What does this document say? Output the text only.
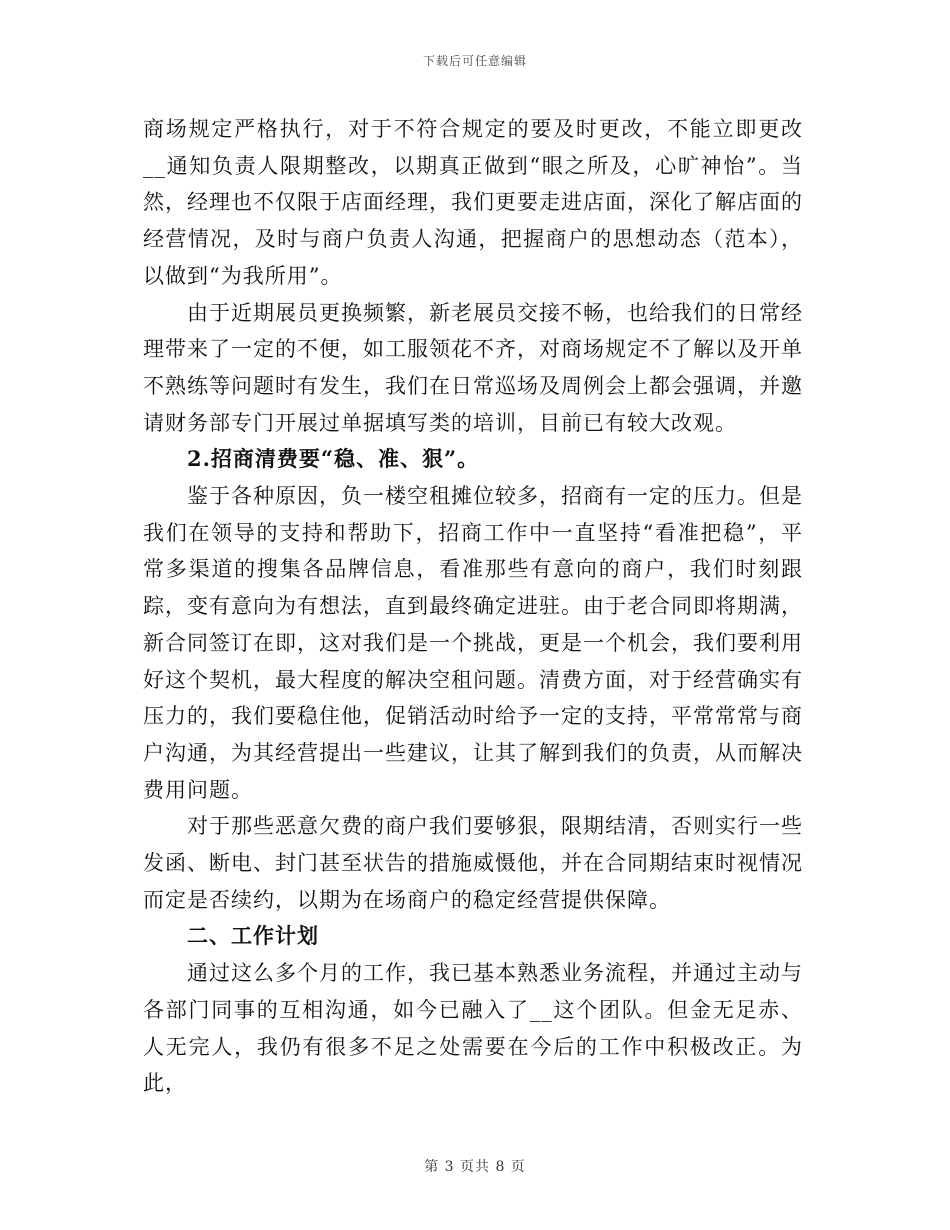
下载后可任意编辑

商场规定严格执行，对于不符合规定的要及时更改，不能立即更改__通知负责人限期整改，以期真正做到“眼之所及，心旷神怡”。当然，经理也不仅限于店面经理，我们更要走进店面，深化了解店面的经营情况，及时与商户负责人沟通，把握商户的思想动态（范本），以做到“为我所用”。

由于近期展员更换频繁，新老展员交接不畅，也给我们的日常经理带来了一定的不便，如工服领花不齐，对商场规定不了解以及开单不熟练等问题时有发生，我们在日常巡场及周例会上都会强调，并邀请财务部专门开展过单据填写类的培训，目前已有较大改观。

2.招商清费要“稳、准、狠”。

鉴于各种原因，负一楼空租摊位较多，招商有一定的压力。但是我们在领导的支持和帮助下，招商工作中一直坚持“看准把稳”，平常多渠道的搜集各品牌信息，看准那些有意向的商户，我们时刻跟踪，变有意向为有想法，直到最终确定进驻。由于老合同即将期满，新合同签订在即，这对我们是一个挑战，更是一个机会，我们要利用好这个契机，最大程度的解决空租问题。清费方面，对于经营确实有压力的，我们要稳住他，促销活动时给予一定的支持，平常常常与商户沟通，为其经营提出一些建议，让其了解到我们的负责，从而解决费用问题。

对于那些恶意欠费的商户我们要够狠，限期结清，否则实行一些发函、断电、封门甚至状告的措施威慑他，并在合同期结束时视情况而定是否续约，以期为在场商户的稳定经营提供保障。

二、工作计划

通过这么多个月的工作，我已基本熟悉业务流程，并通过主动与各部门同事的互相沟通，如今已融入了__这个团队。但金无足赤、人无完人，我仍有很多不足之处需要在今后的工作中积极改正。为此，

第 3 页共 8 页
